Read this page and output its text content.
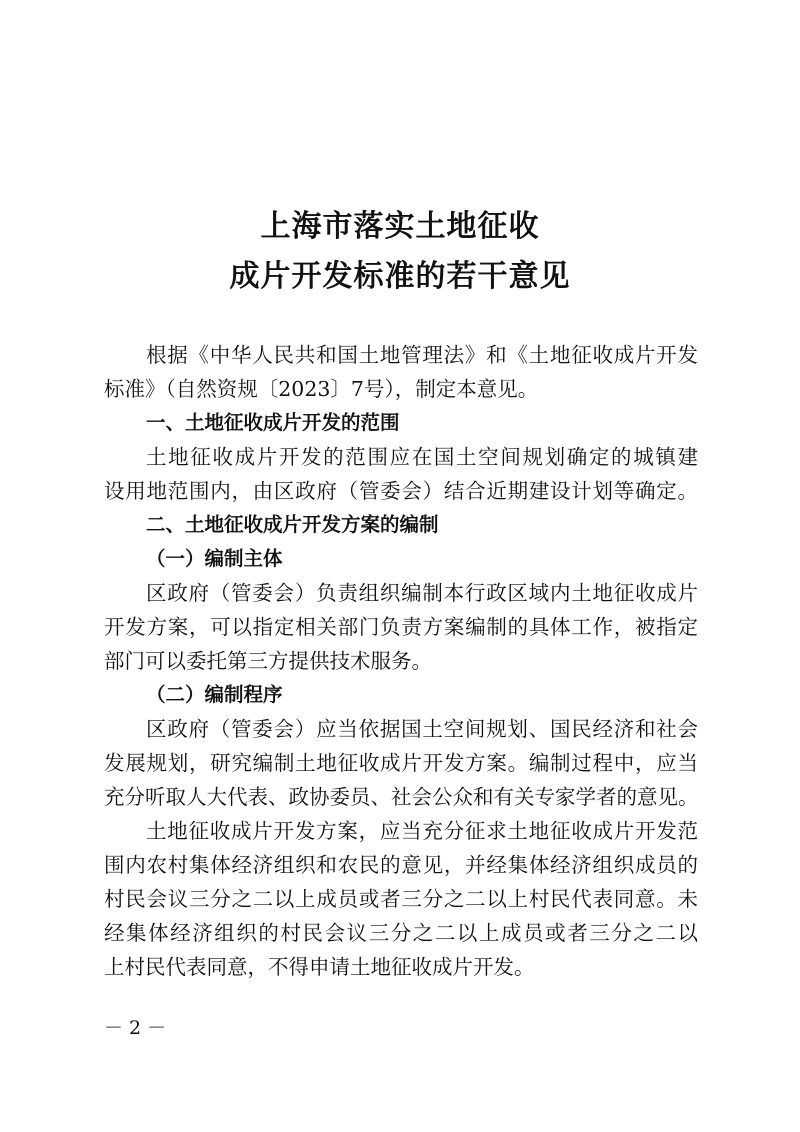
上海市落实土地征收
成片开发标准的若干意见
根据《中华人民共和国土地管理法》和《土地征收成片开发
标准》（自然资规〔2023〕7号），制定本意见。
一、土地征收成片开发的范围
土地征收成片开发的范围应在国土空间规划确定的城镇建
设用地范围内，由区政府（管委会）结合近期建设计划等确定。
二、土地征收成片开发方案的编制
（一）编制主体
区政府（管委会）负责组织编制本行政区域内土地征收成片
开发方案，可以指定相关部门负责方案编制的具体工作，被指定
部门可以委托第三方提供技术服务。
（二）编制程序
区政府（管委会）应当依据国土空间规划、国民经济和社会
发展规划，研究编制土地征收成片开发方案。编制过程中，应当
充分听取人大代表、政协委员、社会公众和有关专家学者的意见。
土地征收成片开发方案，应当充分征求土地征收成片开发范
围内农村集体经济组织和农民的意见，并经集体经济组织成员的
村民会议三分之二以上成员或者三分之二以上村民代表同意。未
经集体经济组织的村民会议三分之二以上成员或者三分之二以
上村民代表同意，不得申请土地征收成片开发。
－ 2 －
